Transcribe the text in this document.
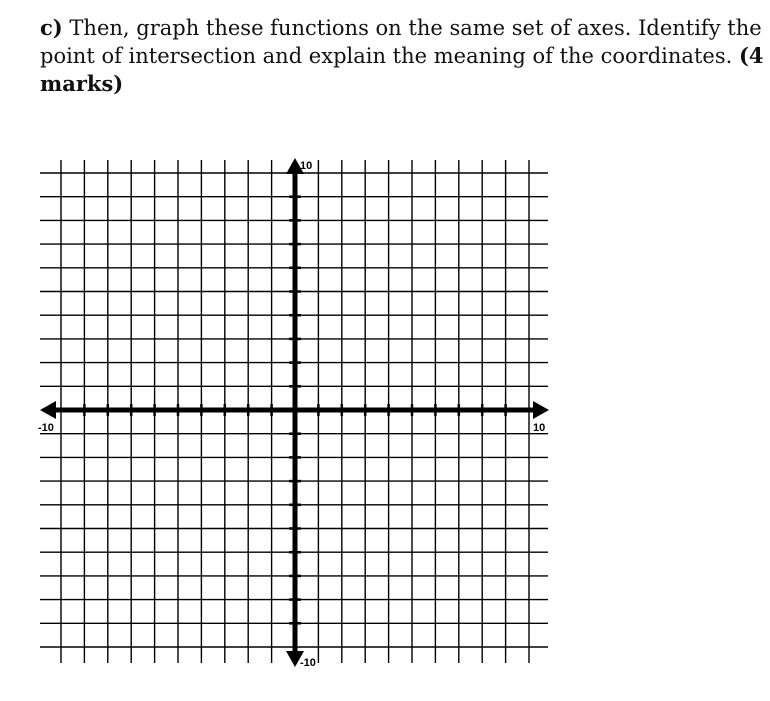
c) Then, graph these functions on the same set of axes. Identify the
point of intersection and explain the meaning of the coordinates. (4
marks)
-10	10
10
-10
